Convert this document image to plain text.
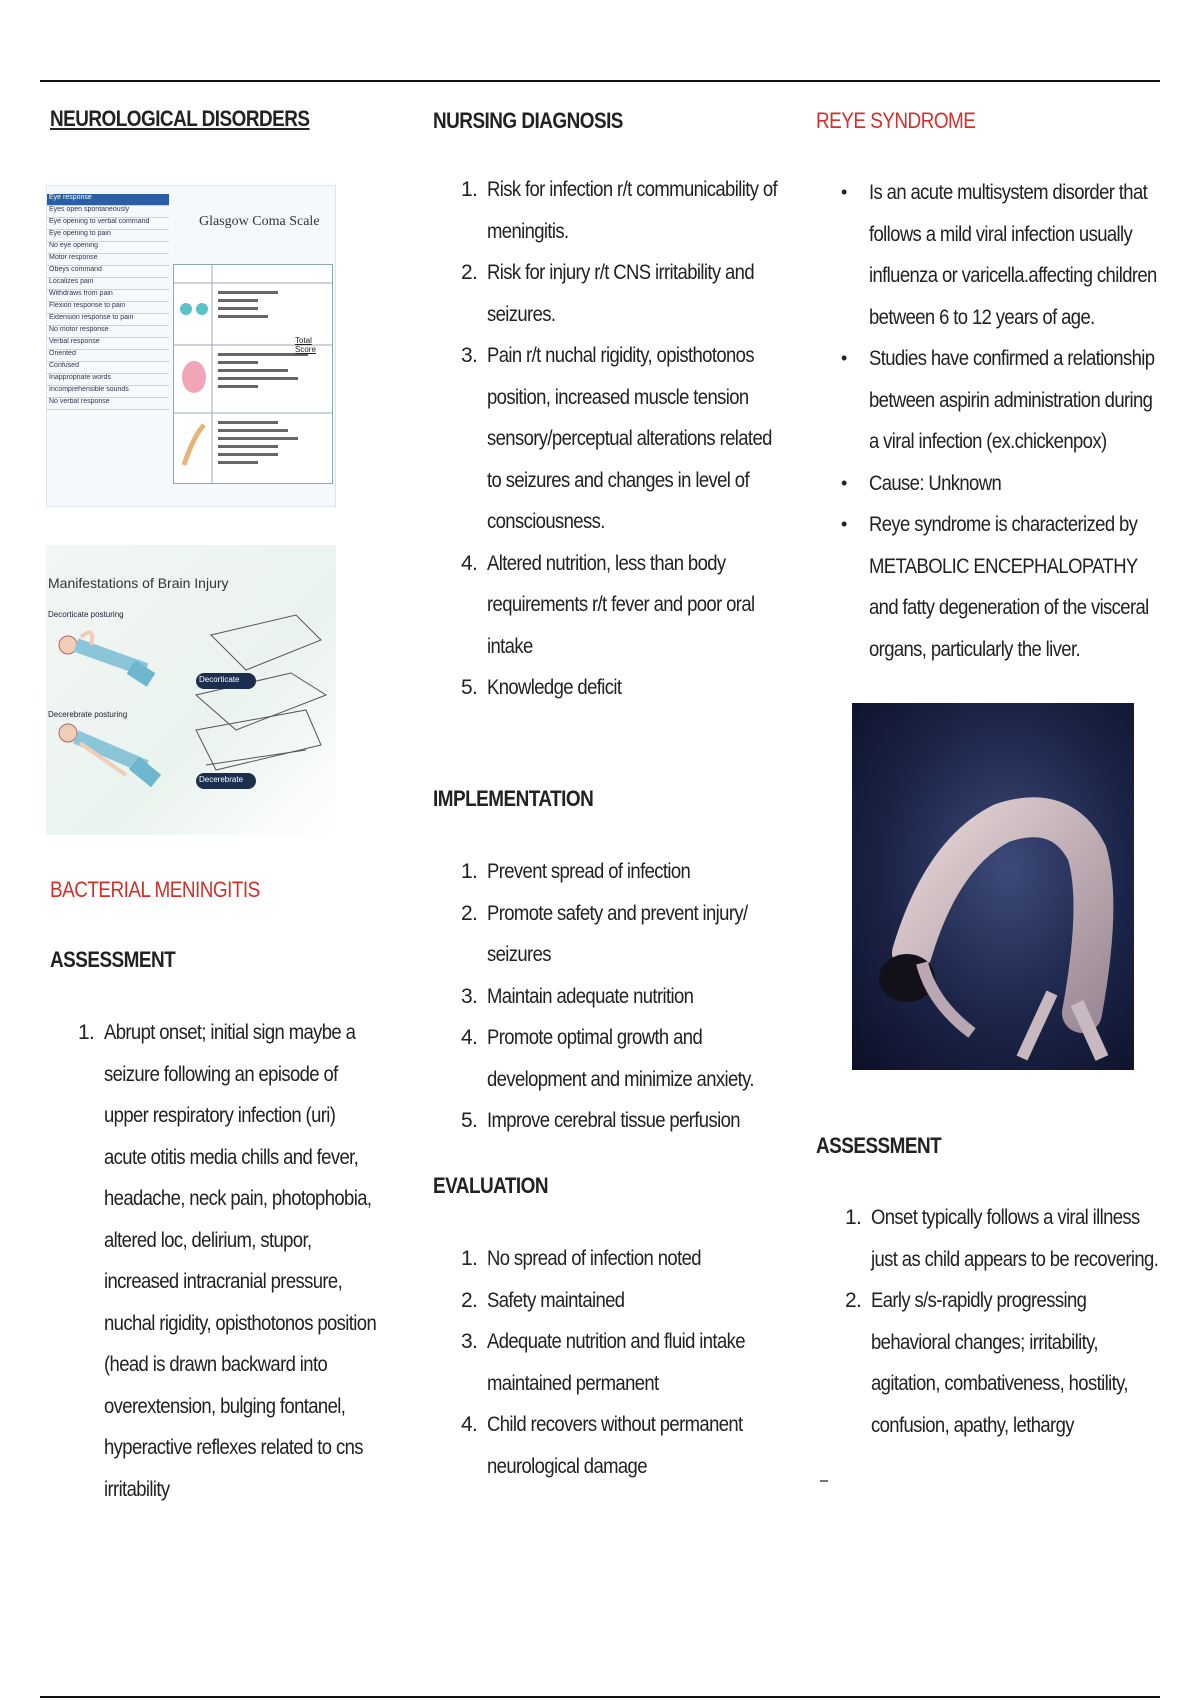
NEUROLOGICAL DISORDERS
Eye response
Eyes open spontaneously
Eye opening to verbal command
Eye opening to pain
No eye opening
Motor response
Obeys command
Localizes pain
Withdraws from pain
Flexion response to pain
Extension response to pain
No motor response
Verbal response
Oriented
Confused
Inappropriate words
Incomprehensible sounds
No verbal response
Glasgow Coma Scale
Total Score
Manifestations of Brain Injury
Decorticate posturing
Decerebrate posturing
Decorticate
Decerebrate
BACTERIAL MENINGITIS
ASSESSMENT
1. Abrupt onset; initial sign maybe a seizure following an episode of upper respiratory infection (uri) acute otitis media chills and fever, headache, neck pain, photophobia, altered loc, delirium, stupor, increased intracranial pressure, nuchal rigidity, opisthotonos position (head is drawn backward into overextension, bulging fontanel, hyperactive reflexes related to cns irritability
NURSING DIAGNOSIS
1. Risk for infection r/t communicability of meningitis.
2. Risk for injury r/t CNS irritability and seizures.
3. Pain r/t nuchal rigidity, opisthotonos position, increased muscle tension sensory/perceptual alterations related to seizures and changes in level of consciousness.
4. Altered nutrition, less than body requirements r/t fever and poor oral intake
5. Knowledge deficit
IMPLEMENTATION
1. Prevent spread of infection
2. Promote safety and prevent injury/ seizures
3. Maintain adequate nutrition
4. Promote optimal growth and development and minimize anxiety.
5. Improve cerebral tissue perfusion
EVALUATION
1. No spread of infection noted
2. Safety maintained
3. Adequate nutrition and fluid intake maintained permanent
4. Child recovers without permanent neurological damage
REYE SYNDROME
• Is an acute multisystem disorder that follows a mild viral infection usually influenza or varicella.affecting children between 6 to 12 years of age.
• Studies have confirmed a relationship between aspirin administration during a viral infection (ex.chickenpox)
• Cause: Unknown
• Reye syndrome is characterized by METABOLIC ENCEPHALOPATHY and fatty degeneration of the visceral organs, particularly the liver.
ASSESSMENT
1. Onset typically follows a viral illness just as child appears to be recovering.
2. Early s/s-rapidly progressing behavioral changes; irritability, agitation, combativeness, hostility, confusion, apathy, lethargy
